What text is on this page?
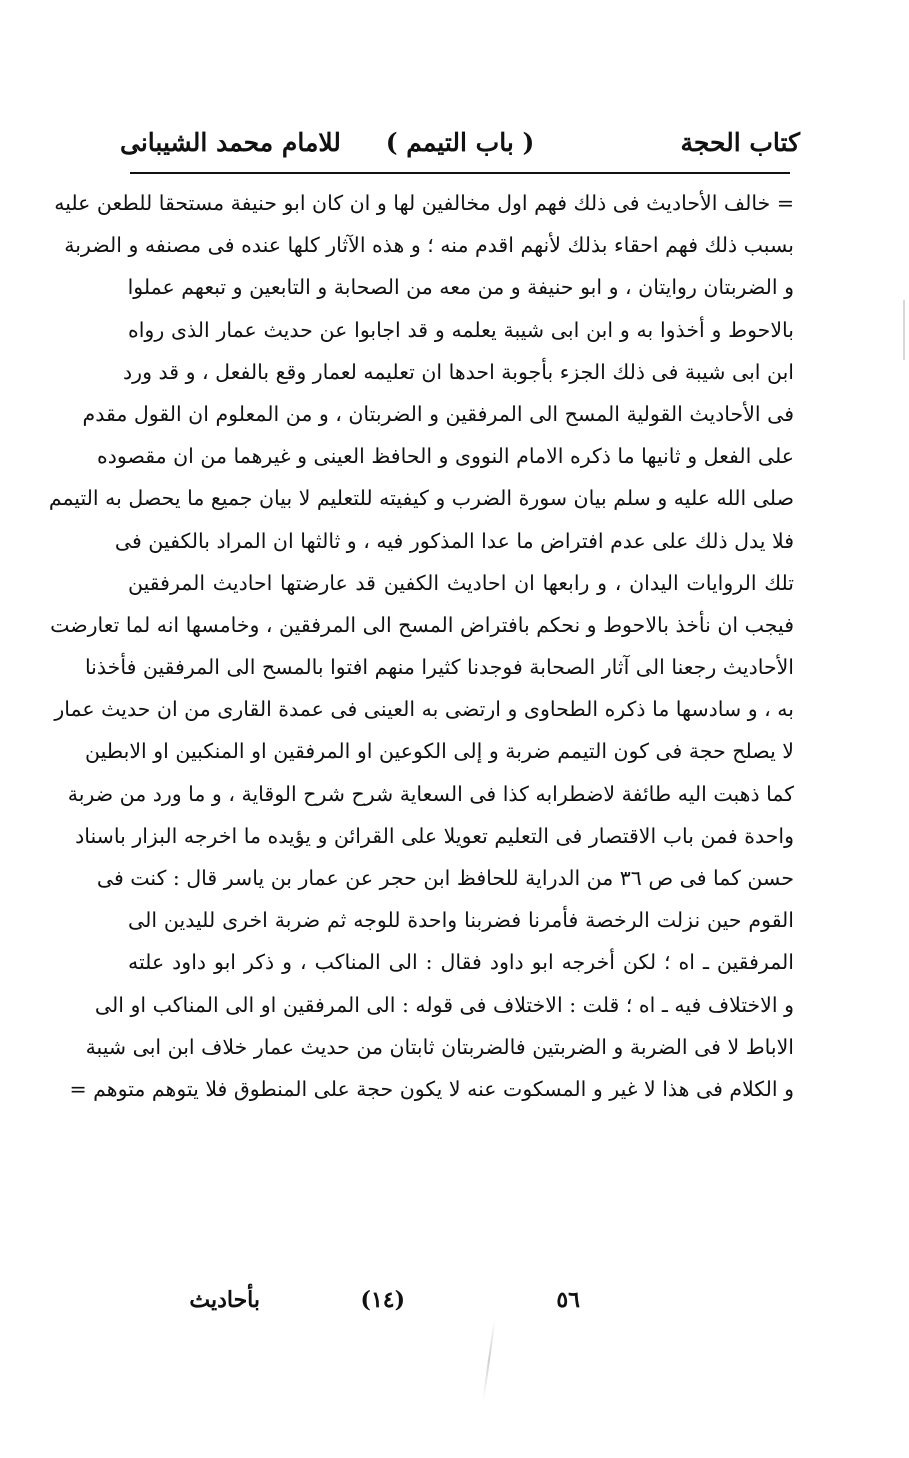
كتاب الحجة
( باب التيمم )
للامام محمد الشيبانى
= خالف الأحاديث فى ذلك فهم اول مخالفين لها و ان كان ابو حنيفة مستحقا للطعن عليه
بسبب ذلك فهم احقاء بذلك لأنهم اقدم منه ؛ و هذه الآثار كلها عنده فى مصنفه و الضربة
و الضربتان روايتان ، و ابو حنيفة و من معه من الصحابة و التابعين و تبعهم عملوا
بالاحوط و أخذوا به و ابن ابى شيبة يعلمه و قد اجابوا عن حديث عمار الذى رواه
ابن ابى شيبة فى ذلك الجزء بأجوبة احدها ان تعليمه لعمار وقع بالفعل ، و قد ورد
فى الأحاديث القولية المسح الى المرفقين و الضربتان ، و من المعلوم ان القول مقدم
على الفعل و ثانيها ما ذكره الامام النووى و الحافظ العينى و غيرهما من ان مقصوده
صلى الله عليه و سلم بيان سورة الضرب و كيفيته للتعليم لا بيان جميع ما يحصل به التيمم
فلا يدل ذلك على عدم افتراض ما عدا المذكور فيه ، و ثالثها ان المراد بالكفين فى
تلك الروايات اليدان ، و رابعها ان احاديث الكفين قد عارضتها احاديث المرفقين
فيجب ان نأخذ بالاحوط و نحكم بافتراض المسح الى المرفقين ، وخامسها انه لما تعارضت
الأحاديث رجعنا الى آثار الصحابة فوجدنا كثيرا منهم افتوا بالمسح الى المرفقين فأخذنا
به ، و سادسها ما ذكره الطحاوى و ارتضى به العينى فى عمدة القارى من ان حديث عمار
لا يصلح حجة فى كون التيمم ضربة و إلى الكوعين او المرفقين او المنكبين او الابطين
كما ذهبت اليه طائفة لاضطرابه كذا فى السعاية شرح شرح الوقاية ، و ما ورد من ضربة
واحدة فمن باب الاقتصار فى التعليم تعويلا على القرائن و يؤيده ما اخرجه البزار باسناد
حسن كما فى ص ٣٦ من الدراية للحافظ ابن حجر عن عمار بن ياسر قال : كنت فى
القوم حين نزلت الرخصة فأمرنا فضربنا واحدة للوجه ثم ضربة اخرى لليدين الى
المرفقين ـ اه ؛ لكن أخرجه ابو داود فقال : الى المناكب ، و ذكر ابو داود علته
و الاختلاف فيه ـ اه ؛ قلت : الاختلاف فى قوله : الى المرفقين او الى المناكب او الى
الاباط لا فى الضربة و الضربتين فالضربتان ثابتان من حديث عمار خلاف ابن ابى شيبة
و الكلام فى هذا لا غير و المسكوت عنه لا يكون حجة على المنطوق فلا يتوهم متوهم =
٥٦
(١٤)
بأحاديث
